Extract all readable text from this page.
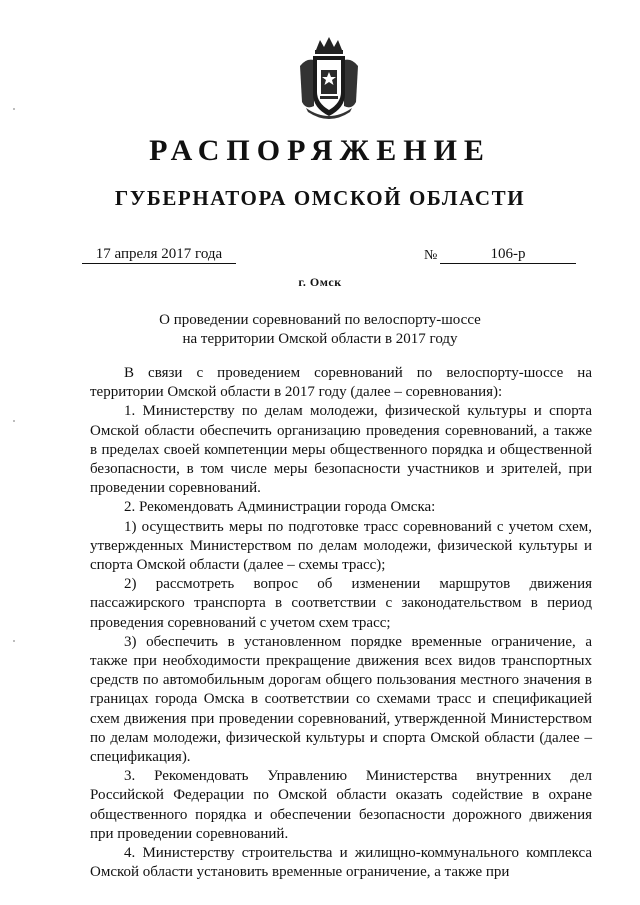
РАСПОРЯЖЕНИЕ
ГУБЕРНАТОРА ОМСКОЙ ОБЛАСТИ
17 апреля 2017 года	№	106-р
г. Омск
О проведении соревнований по велоспорту-шоссе
на территории Омской области в 2017 году

В связи с проведением соревнований по велоспорту-шоссе на территории Омской области в 2017 году (далее – соревнования):

1. Министерству по делам молодежи, физической культуры и спорта Омской области обеспечить организацию проведения соревнований, а также в пределах своей компетенции меры общественного порядка и общественной безопасности, в том числе меры безопасности участников и зрителей, при проведении соревнований.

2. Рекомендовать Администрации города Омска:

1) осуществить меры по подготовке трасс соревнований с учетом схем, утвержденных Министерством по делам молодежи, физической культуры и спорта Омской области (далее – схемы трасс);

2) рассмотреть вопрос об изменении маршрутов движения пассажирского транспорта в соответствии с законодательством в период проведения соревнований с учетом схем трасс;

3) обеспечить в установленном порядке временные ограничение, а также при необходимости прекращение движения всех видов транспортных средств по автомобильным дорогам общего пользования местного значения в границах города Омска в соответствии со схемами трасс и спецификацией схем движения при проведении соревнований, утвержденной Министерством по делам молодежи, физической культуры и спорта Омской области (далее – спецификация).

3. Рекомендовать Управлению Министерства внутренних дел Российской Федерации по Омской области оказать содействие в охране общественного порядка и обеспечении безопасности дорожного движения при проведении соревнований.

4. Министерству строительства и жилищно-коммунального комплекса Омской области установить временные ограничение, а также при
